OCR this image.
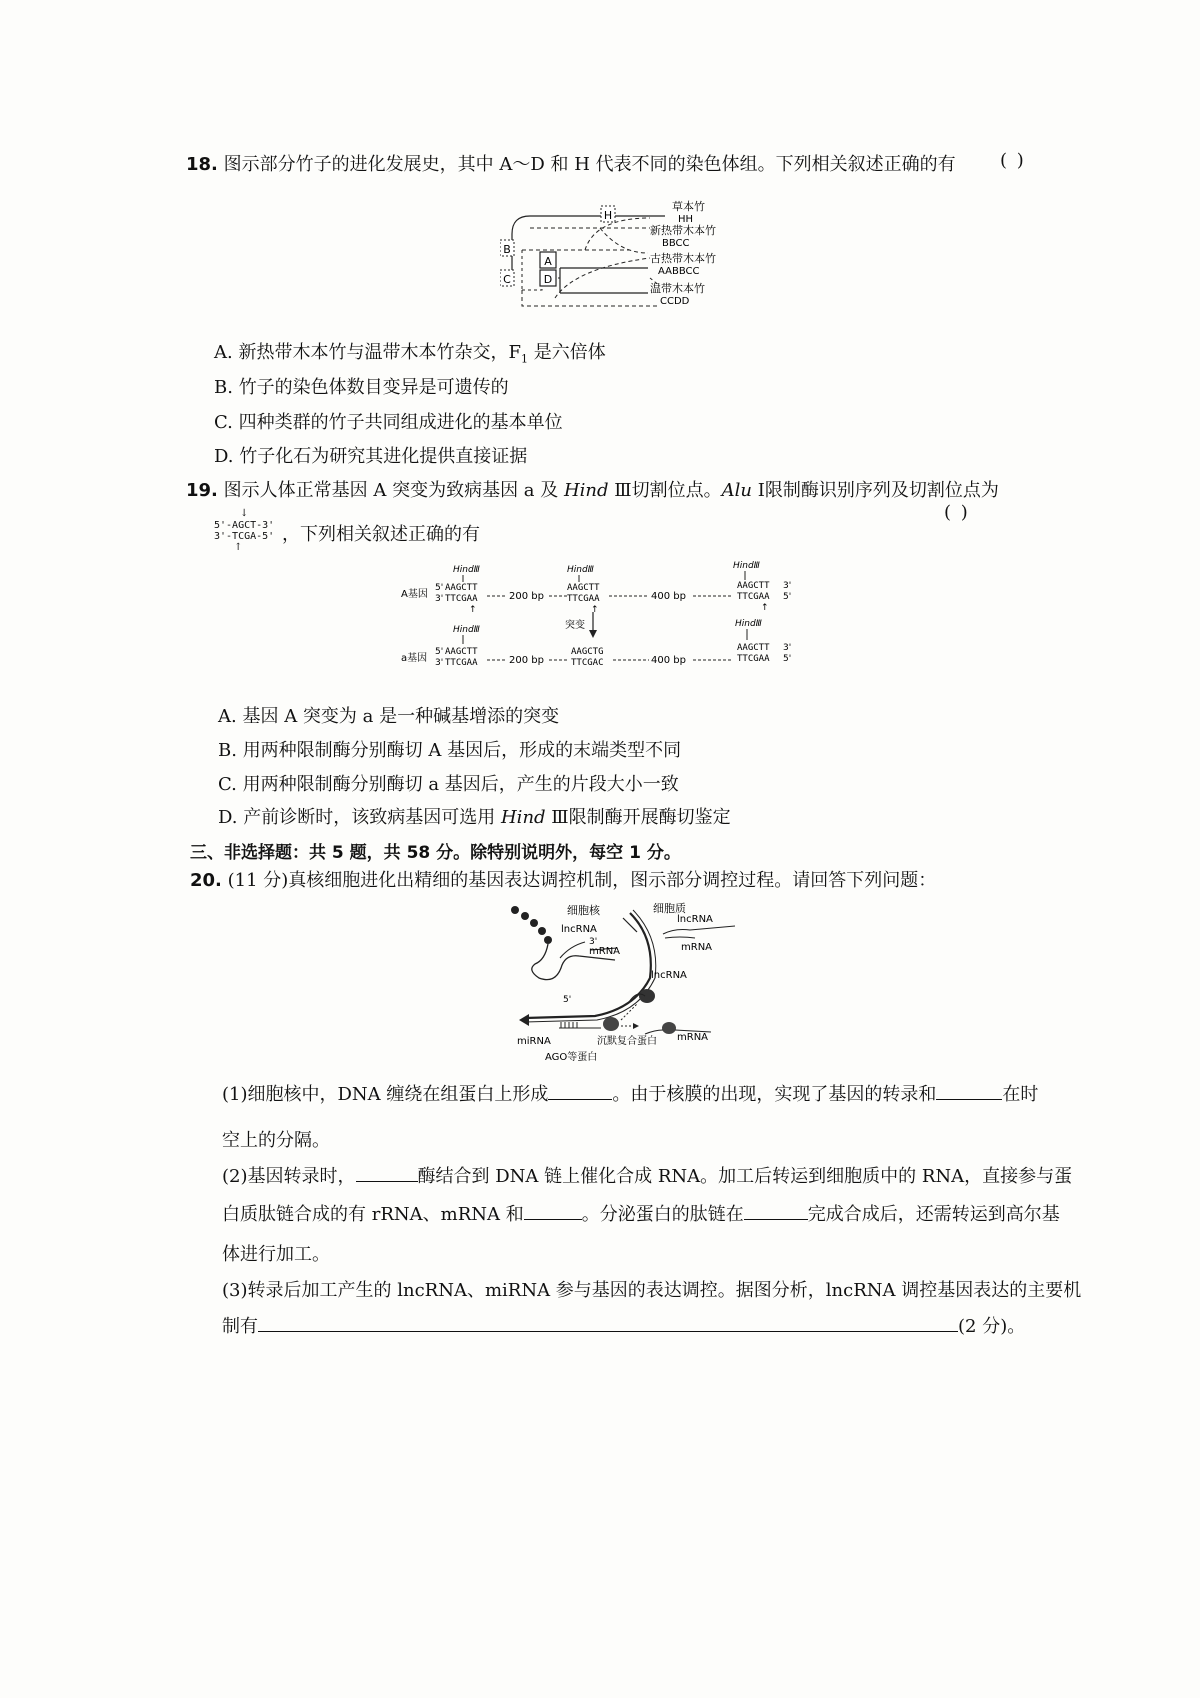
18. 图示部分竹子的进化发展史，其中 A～D 和 H 代表不同的染色体组。下列相关叙述正确的有 ( )
H
B
C
A
D
草本竹
HH
新热带木本竹
BBCC
古热带木本竹
AABBCC
温带木本竹
CCDD
A. 新热带木本竹与温带木本竹杂交，$F_1$ 是六倍体
B. 竹子的染色体数目变异是可遗传的
C. 四种类群的竹子共同组成进化的基本单位
D. 竹子化石为研究其进化提供直接证据
19. 图示人体正常基因 A 突变为致病基因 a 及 Hind Ⅲ切割位点。Alu Ⅰ限制酶识别序列及切割位点为
↓
5'-AGCT-3'
3'-TCGA-5'
↑
，下列相关叙述正确的有
( )
A基因
5'
3'
HindⅢ
AAGCTT
TTCGAA
↑
200 bp
HindⅢ
AAGCTT
TTCGAA
↑
400 bp
HindⅢ
AAGCTT
TTCGAA
3'
5'
↑
突变
a基因
5'
3'
HindⅢ
AAGCTT
TTCGAA	200 bp
AAGCTG
TTCGAC	400 bp
HindⅢ
AAGCTT
TTCGAA
3'
5'
A. 基因 A 突变为 a 是一种碱基增添的突变
B. 用两种限制酶分别酶切 A 基因后，形成的末端类型不同
C. 用两种限制酶分别酶切 a 基因后，产生的片段大小一致
D. 产前诊断时，该致病基因可选用 Hind Ⅲ限制酶开展酶切鉴定
三、非选择题：共 5 题，共 58 分。除特别说明外，每空 1 分。
20. (11 分)真核细胞进化出精细的基因表达调控机制，图示部分调控过程。请回答下列问题：
细胞核	细胞质
lncRNA
3'
mRNA
5'
lncRNA
mRNA
lncRNA
miRNA	沉默复合蛋白 mRNA
AGO等蛋白
(1)细胞核中，DNA 缠绕在组蛋白上形成	。由于核膜的出现，实现了基因的转录和	在时
空上的分隔。
(2)基因转录时，	酶结合到 DNA 链上催化合成 RNA。加工后转运到细胞质中的 RNA，直接参与蛋
白质肽链合成的有 rRNA、mRNA 和	。分泌蛋白的肽链在	完成合成后，还需转运到高尔基
体进行加工。
(3)转录后加工产生的 lncRNA、miRNA 参与基因的表达调控。据图分析，lncRNA 调控基因表达的主要机
制有	(2 分)。
